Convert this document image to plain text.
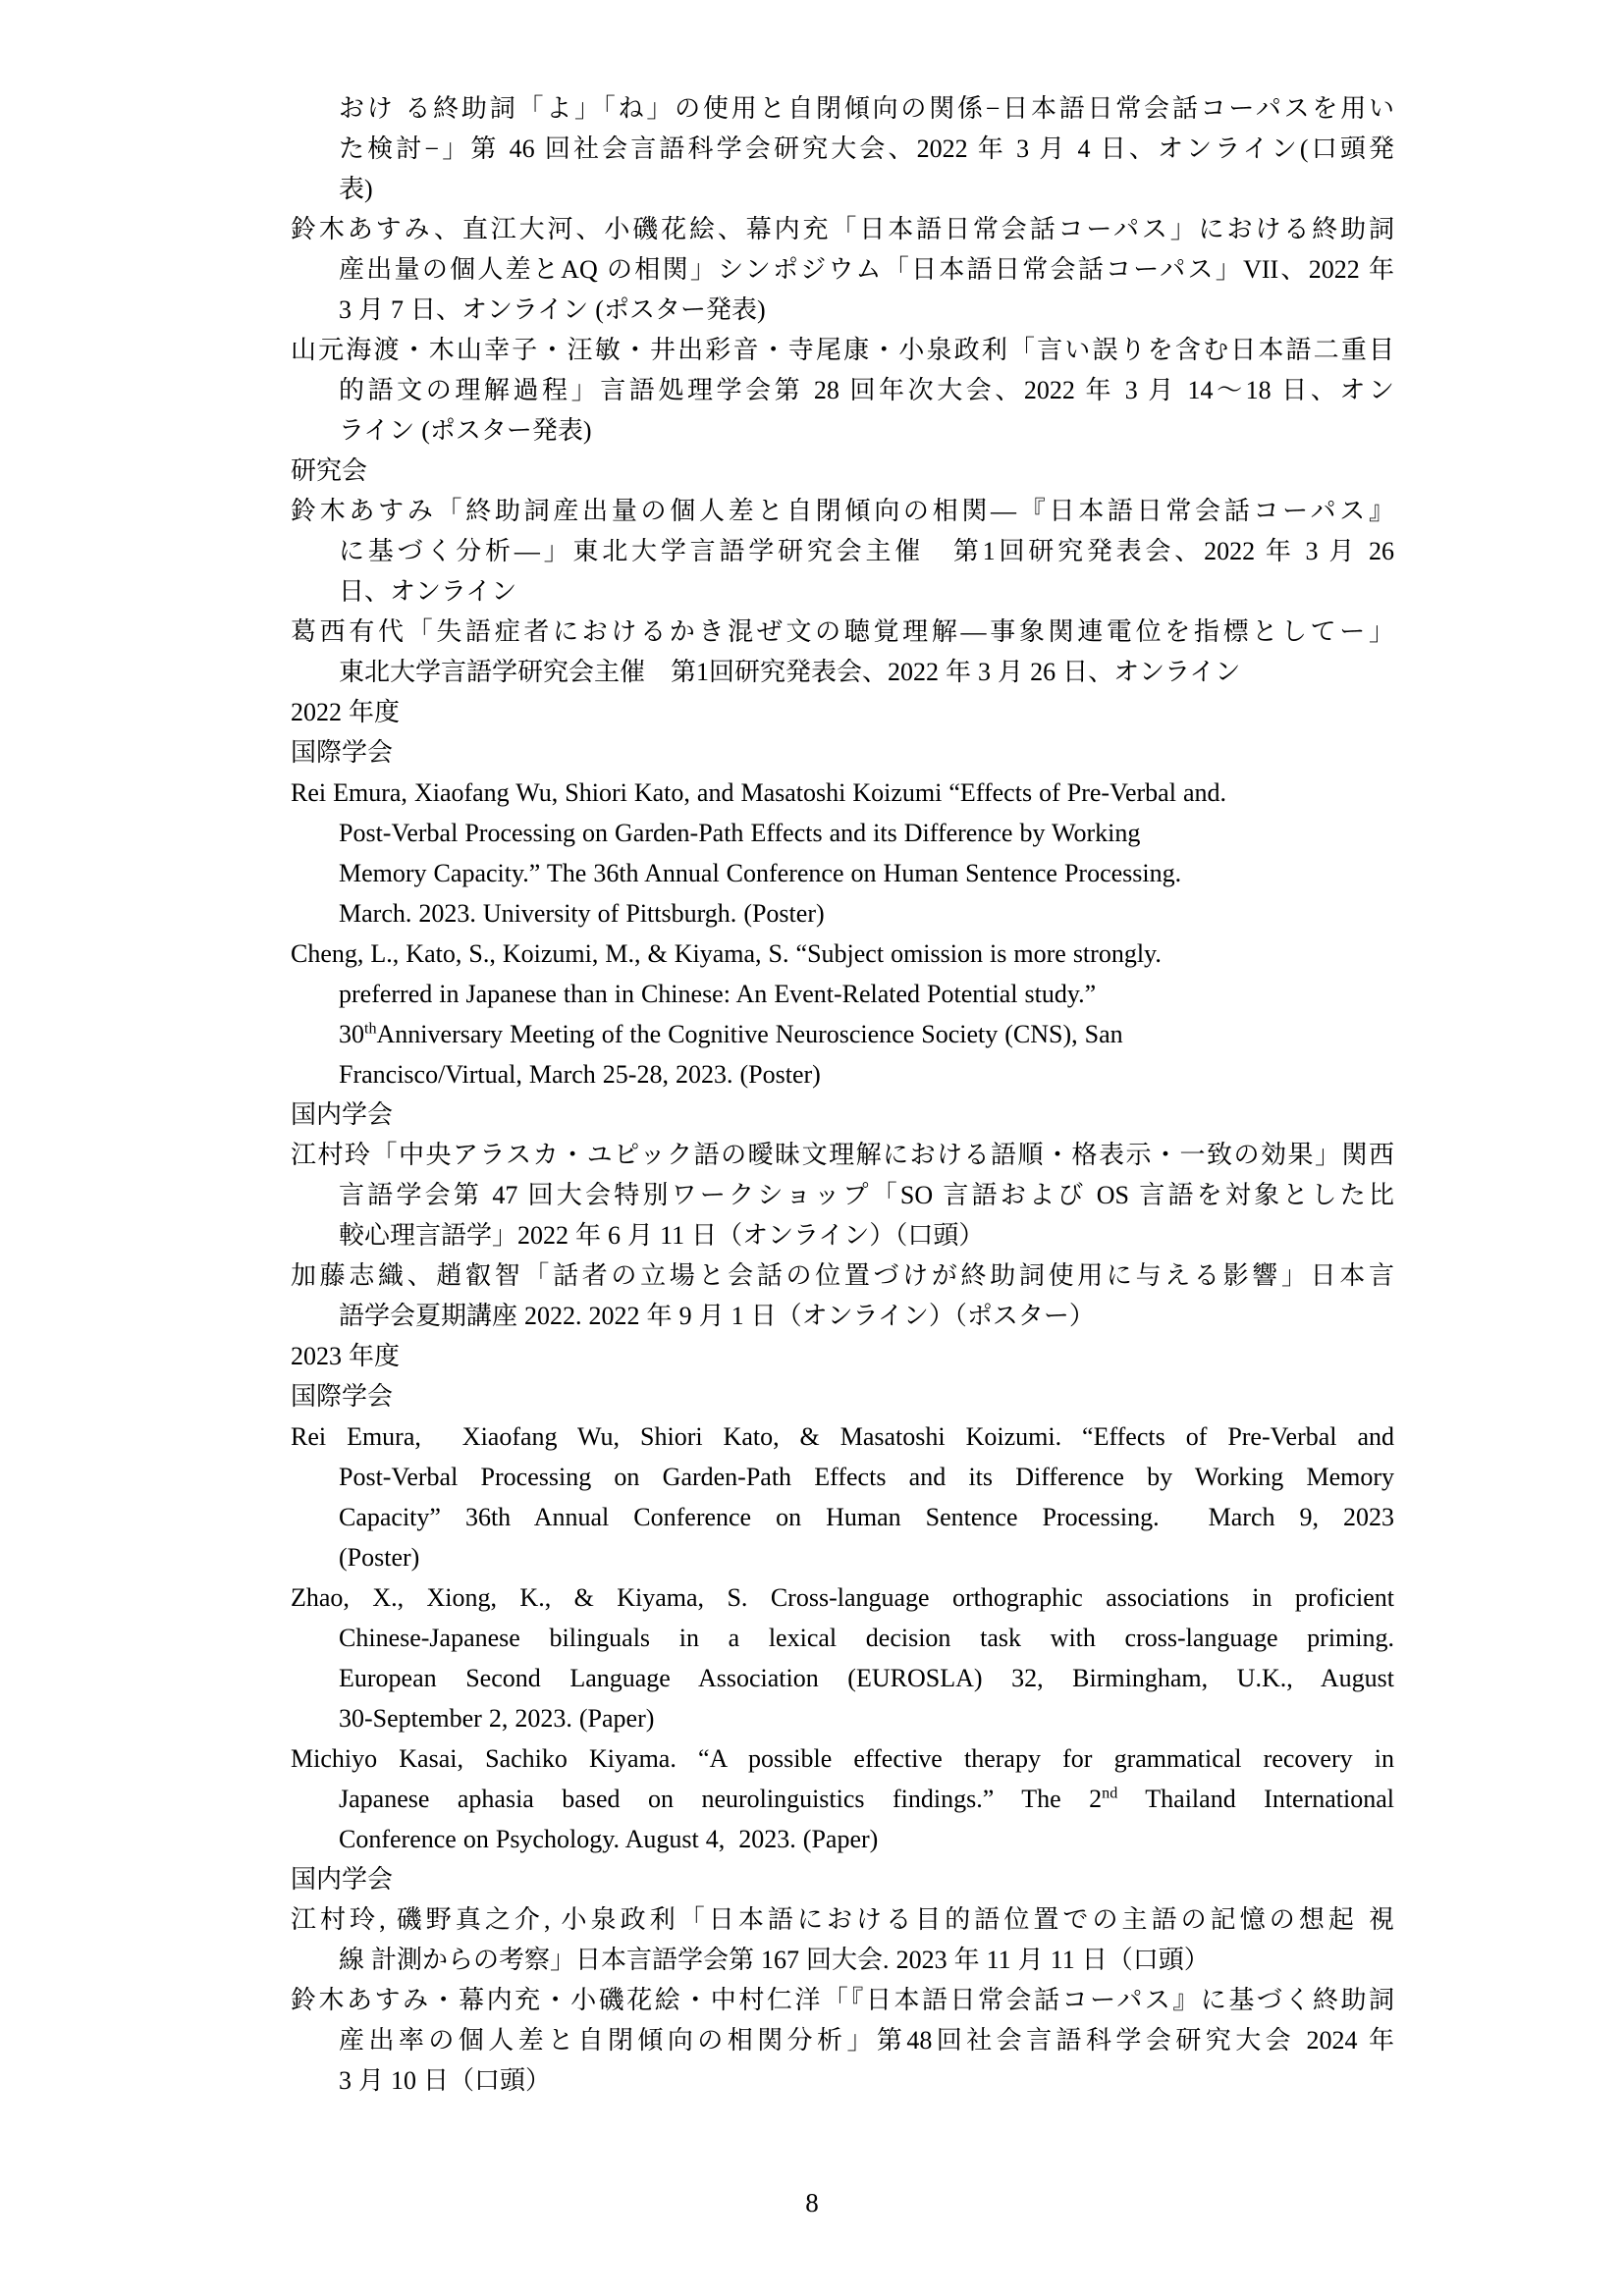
おけ る終助詞「よ」「ね」の使用と自閉傾向の関係−日本語日常会話コーパスを用い
た検討−」第 46 回社会言語科学会研究大会、2022 年 3 月 4 日、オンライン(口頭発
表)
鈴木あすみ、直江大河、小磯花絵、幕内充「日本語日常会話コーパス」における終助詞
産出量の個人差とAQ の相関」シンポジウム「日本語日常会話コーパス」VII、2022 年
3 月 7 日、オンライン (ポスター発表)
山元海渡・木山幸子・汪敏・井出彩音・寺尾康・小泉政利「言い誤りを含む日本語二重目
的語文の理解過程」言語処理学会第 28 回年次大会、2022 年 3 月 14〜18 日、オン
ライン (ポスター発表)
研究会
鈴木あすみ「終助詞産出量の個人差と自閉傾向の相関—『日本語日常会話コーパス』
に基づく分析—」東北大学言語学研究会主催　第1回研究発表会、2022 年 3 月 26
日、オンライン
葛西有代「失語症者におけるかき混ぜ文の聴覚理解—事象関連電位を指標としてー」
東北大学言語学研究会主催　第1回研究発表会、2022 年 3 月 26 日、オンライン
2022 年度
国際学会
Rei Emura, Xiaofang Wu, Shiori Kato, and Masatoshi Koizumi “Effects of Pre-Verbal and.
Post-Verbal Processing on Garden-Path Effects and its Difference by Working
Memory Capacity.” The 36th Annual Conference on Human Sentence Processing.
March. 2023. University of Pittsburgh. (Poster)
Cheng, L., Kato, S., Koizumi, M., & Kiyama, S. “Subject omission is more strongly.
preferred in Japanese than in Chinese: An Event-Related Potential study.”
30thAnniversary Meeting of the Cognitive Neuroscience Society (CNS), San
Francisco/Virtual, March 25-28, 2023. (Poster)
国内学会
江村玲「中央アラスカ・ユピック語の曖昧文理解における語順・格表示・一致の効果」関西
言語学会第 47 回大会特別ワークショップ「SO 言語および OS 言語を対象とした比
較心理言語学」2022 年 6 月 11 日（オンライン）（口頭）
加藤志織、趙叡智「話者の立場と会話の位置づけが終助詞使用に与える影響」日本言
語学会夏期講座 2022. 2022 年 9 月 1 日（オンライン）（ポスター）
2023 年度
国際学会
Rei Emura,  Xiaofang Wu, Shiori Kato, & Masatoshi Koizumi. “Effects of Pre-Verbal and
Post-Verbal Processing on Garden-Path Effects and its Difference by Working Memory
Capacity” 36th Annual Conference on Human Sentence Processing.  March 9, 2023
(Poster)
Zhao, X., Xiong, K., & Kiyama, S. Cross-language orthographic associations in proficient
Chinese-Japanese bilinguals in a lexical decision task with cross-language priming.
European Second Language Association (EUROSLA) 32, Birmingham, U.K., August
30-September 2, 2023. (Paper)
Michiyo Kasai, Sachiko Kiyama. “A possible effective therapy for grammatical recovery in
Japanese aphasia based on neurolinguistics findings.” The 2nd Thailand International
Conference on Psychology. August 4,  2023. (Paper)
国内学会
江村玲, 磯野真之介, 小泉政利「日本語における目的語位置での主語の記憶の想起 視
線 計測からの考察」日本言語学会第 167 回大会. 2023 年 11 月 11 日（口頭）
鈴木あすみ・幕内充・小磯花絵・中村仁洋「『日本語日常会話コーパス』に基づく終助詞
産出率の個人差と自閉傾向の相関分析」第48回社会言語科学会研究大会 2024 年
3 月 10 日（口頭）
8
